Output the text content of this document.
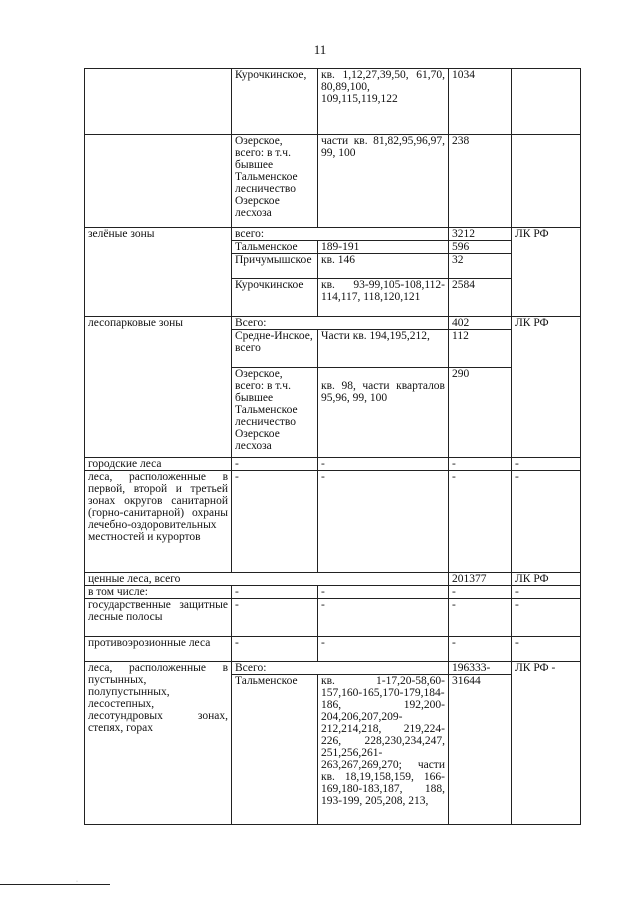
11
	Курочкинское,	кв. 1,12,27,39,50, 61,70, 80,89,100, 109,115,119,122	1034	
	Озерское, всего: в т.ч. бывшее Тальменское лесничество Озерское лесхоза	части кв. 81,82,95,96,97, 99, 100	238	
зелёные зоны	всего:		3212	ЛК РФ
	Тальменское	189-191	596	
	Причумышское	кв. 146	32	
	Курочкинское	кв. 93-99,105-108,112-114,117, 118,120,121	2584	
лесопарковые зоны	Всего:		402	ЛК РФ
	Средне-Инское, всего	Части кв. 194,195,212,	112	
	Озерское, всего: в т.ч. бывшее Тальменское лесничество Озерское лесхоза	кв. 98, части кварталов 95,96, 99, 100	290	
городские леса	-	-	-	-
леса, расположенные в первой, второй и третьей зонах округов санитарной (горно-санитарной) охраны лечебно-оздоровительных местностей и курортов	-	-	-	-
ценные леса, всего			201377	ЛК РФ
в том числе:	-	-	-	-
государственные защитные лесные полосы	-	-	-	-
противоэрозионные леса	-	-	-	-
леса, расположенные в пустынных, полупустынных, лесостепных, лесотундровых зонах, степях, горах	Всего:		196333-	ЛК РФ -
	Тальменское	кв. 1-17,20-58,60-157,160-165,170-179,184-186, 192,200-204,206,207,209-212,214,218, 219,224-226, 228,230,234,247, 251,256,261-263,267,269,270; части кв. 18,19,158,159, 166-169,180-183,187, 188, 193-199, 205,208, 213,	31644	
·
